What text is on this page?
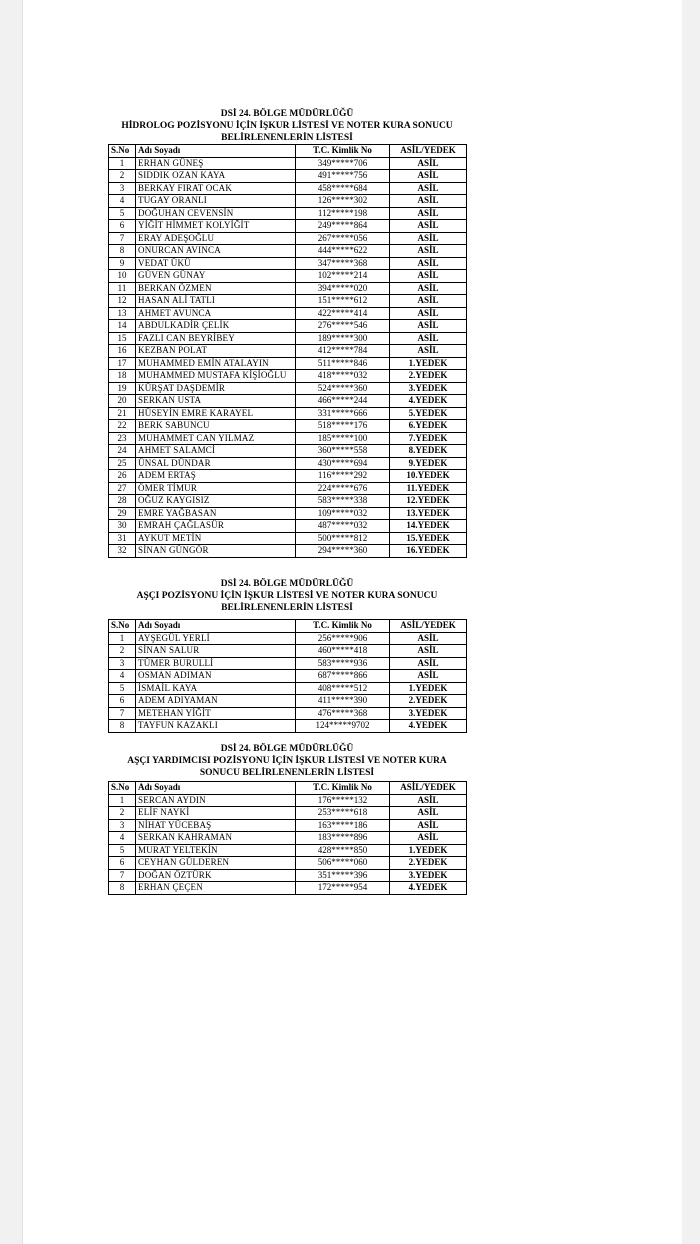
DSİ 24. BÖLGE MÜDÜRLÜĞÜ
HİDROLOG POZİSYONU İÇİN İŞKUR LİSTESİ VE NOTER KURA SONUCU
BELİRLENENLERİN LİSTESİ
S.No	Adı Soyadı	T.C. Kimlik No	ASİL/YEDEK
1	ERHAN GÜNEŞ	349*****706	ASİL
2	SIDDIK OZAN KAYA	491*****756	ASİL
3	BERKAY FIRAT OCAK	458*****684	ASİL
4	TUGAY ORANLI	126*****302	ASİL
5	DOĞUHAN CEVENSİN	112*****198	ASİL
6	YİĞİT HİMMET KOLYİĞİT	249*****864	ASİL
7	ERAY ADEŞOĞLU	267*****056	ASİL
8	ONURCAN AVINCA	444*****622	ASİL
9	VEDAT ÜKÜ	347*****368	ASİL
10	GÜVEN GÜNAY	102*****214	ASİL
11	BERKAN ÖZMEN	394*****020	ASİL
12	HASAN ALİ TATLI	151*****612	ASİL
13	AHMET AVUNCA	422*****414	ASİL
14	ABDULKADİR ÇELİK	276*****546	ASİL
15	FAZLI CAN BEYRİBEY	189*****300	ASİL
16	KEZBAN POLAT	412*****784	ASİL
17	MUHAMMED EMİN ATALAYIN	511*****846	1.YEDEK
18	MUHAMMED MUSTAFA KİŞİOĞLU	418*****032	2.YEDEK
19	KÜRŞAT DAŞDEMİR	524*****360	3.YEDEK
20	SERKAN USTA	466*****244	4.YEDEK
21	HÜSEYİN EMRE KARAYEL	331*****666	5.YEDEK
22	BERK SABUNCU	518*****176	6.YEDEK
23	MUHAMMET CAN YILMAZ	185*****100	7.YEDEK
24	AHMET SALAMCİ	360*****558	8.YEDEK
25	ÜNSAL DÜNDAR	430*****694	9.YEDEK
26	ADEM ERTAŞ	116*****292	10.YEDEK
27	ÖMER TİMUR	224*****676	11.YEDEK
28	OĞUZ KAYGISIZ	583*****338	12.YEDEK
29	EMRE YAĞBASAN	109*****032	13.YEDEK
30	EMRAH ÇAĞLASÜR	487*****032	14.YEDEK
31	AYKUT METİN	500*****812	15.YEDEK
32	SİNAN GÜNGÖR	294*****360	16.YEDEK
DSİ 24. BÖLGE MÜDÜRLÜĞÜ
AŞÇI POZİSYONU İÇİN İŞKUR LİSTESİ VE NOTER KURA SONUCU
BELİRLENENLERİN LİSTESİ
S.No	Adı Soyadı	T.C. Kimlik No	ASİL/YEDEK
1	AYŞEGÜL YERLİ	256*****906	ASİL
2	SİNAN SALUR	460*****418	ASİL
3	TÜMER BURULLİ	583*****936	ASİL
4	OSMAN ADIMAN	687*****866	ASİL
5	İSMAİL KAYA	408*****512	1.YEDEK
6	ADEM ADIYAMAN	411*****390	2.YEDEK
7	METEHAN YİĞİT	476*****368	3.YEDEK
8	TAYFUN KAZAKLI	124*****9702	4.YEDEK
DSİ 24. BÖLGE MÜDÜRLÜĞÜ
AŞÇI YARDIMCISI POZİSYONU İÇİN İŞKUR LİSTESİ VE NOTER KURA
SONUCU BELİRLENENLERİN LİSTESİ
S.No	Adı Soyadı	T.C. Kimlik No	ASİL/YEDEK
1	SERCAN AYDIN	176*****132	ASİL
2	ELİF NAYKİ	253*****618	ASİL
3	NİHAT YÜCEBAŞ	163*****186	ASİL
4	SERKAN KAHRAMAN	183*****896	ASİL
5	MURAT YELTEKİN	428*****850	1.YEDEK
6	CEYHAN GÜLDEREN	506*****060	2.YEDEK
7	DOĞAN ÖZTÜRK	351*****396	3.YEDEK
8	ERHAN ÇEÇEN	172*****954	4.YEDEK
